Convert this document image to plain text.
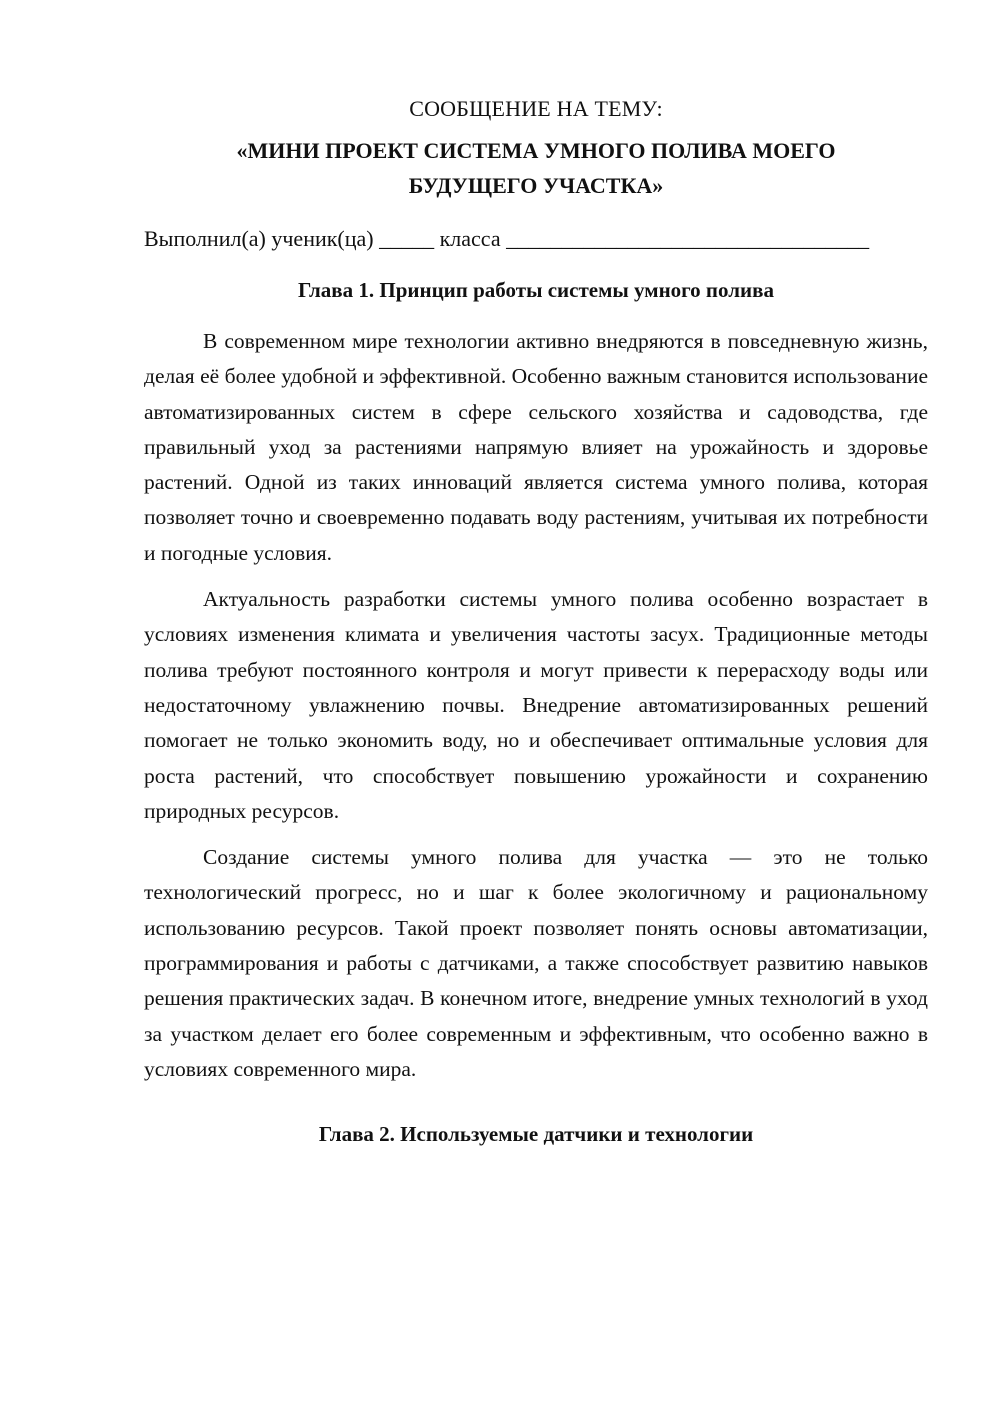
СООБЩЕНИЕ НА ТЕМУ:

«МИНИ ПРОЕКТ СИСТЕМА УМНОГО ПОЛИВА МОЕГО
БУДУЩЕГО УЧАСТКА»

Выполнил(а) ученик(ца) _____ класса _________________________________

Глава 1. Принцип работы системы умного полива

В современном мире технологии активно внедряются в повседневную жизнь, делая её более удобной и эффективной. Особенно важным становится использование автоматизированных систем в сфере сельского хозяйства и садоводства, где правильный уход за растениями напрямую влияет на урожайность и здоровье растений. Одной из таких инноваций является система умного полива, которая позволяет точно и своевременно подавать воду растениям, учитывая их потребности и погодные условия.

Актуальность разработки системы умного полива особенно возрастает в условиях изменения климата и увеличения частоты засух. Традиционные методы полива требуют постоянного контроля и могут привести к перерасходу воды или недостаточному увлажнению почвы. Внедрение автоматизированных решений помогает не только экономить воду, но и обеспечивает оптимальные условия для роста растений, что способствует повышению урожайности и сохранению природных ресурсов.

Создание системы умного полива для участка — это не только технологический прогресс, но и шаг к более экологичному и рациональному использованию ресурсов. Такой проект позволяет понять основы автоматизации, программирования и работы с датчиками, а также способствует развитию навыков решения практических задач. В конечном итоге, внедрение умных технологий в уход за участком делает его более современным и эффективным, что особенно важно в условиях современного мира.

Глава 2. Используемые датчики и технологии
